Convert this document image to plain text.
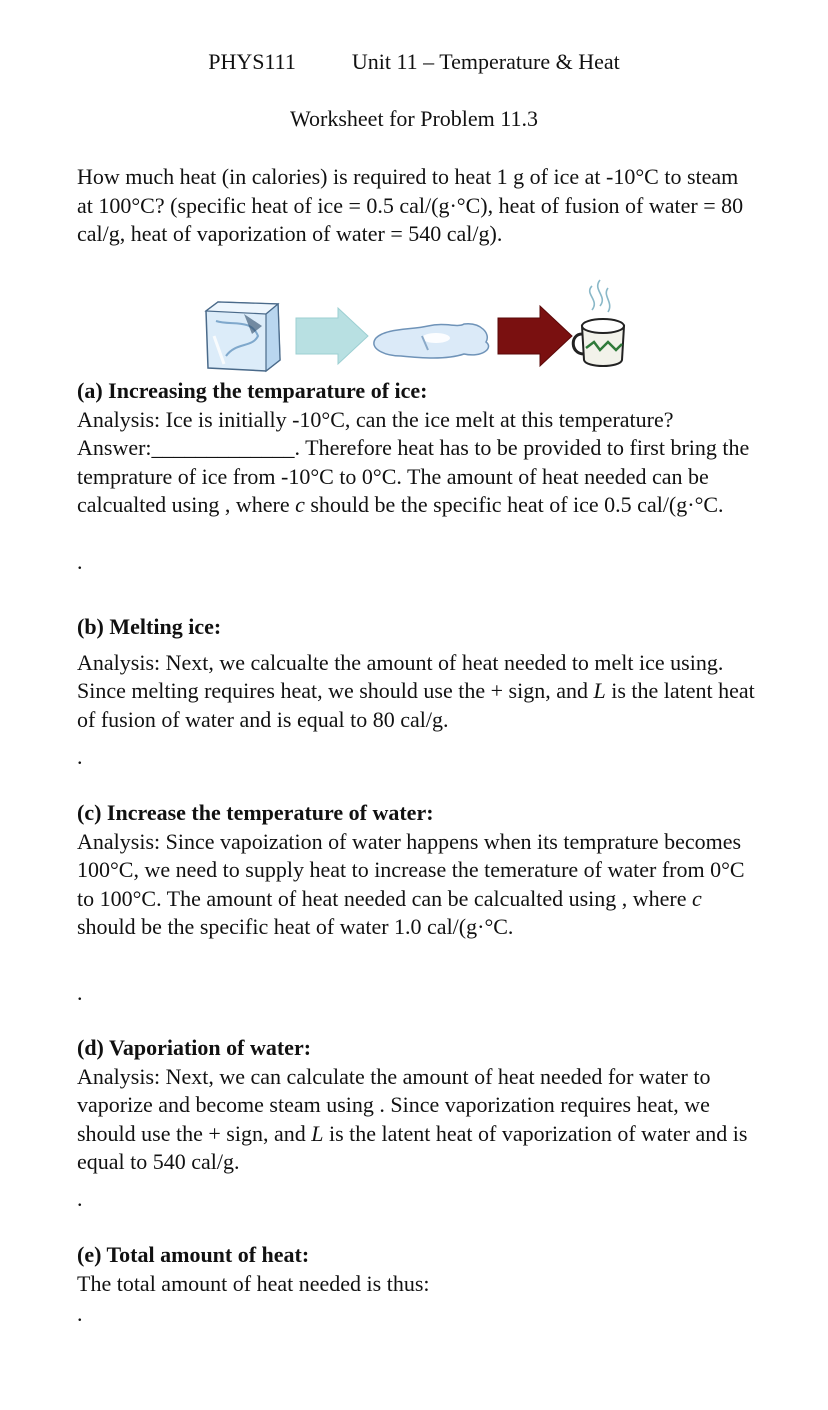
PHYS111	Unit 11 – Temperature & Heat
Worksheet for Problem 11.3
How much heat (in calories) is required to heat 1 g of ice at -10°C to steam at 100°C? (specific heat of ice = 0.5 cal/(g·°C), heat of fusion of water = 80 cal/g, heat of vaporization of water = 540 cal/g).
(a) Increasing the temparature of ice:
Analysis: Ice is initially -10°C, can the ice melt at this temperature?
Answer:_____________. Therefore heat has to be provided to first bring the temprature of ice from -10°C to 0°C. The amount of heat needed can be calcualted using , where c should be the specific heat of ice 0.5 cal/(g·°C.
.
(b) Melting ice:
Analysis: Next, we calcualte the amount of heat needed to melt ice using. Since melting requires heat, we should use the + sign, and L is the latent heat of fusion of water and is equal to 80 cal/g.
.
(c) Increase the temperature of water:
Analysis: Since vapoization of water happens when its temprature becomes 100°C, we need to supply heat to increase the temerature of water from 0°C to 100°C. The amount of heat needed can be calcualted using , where c should be the specific heat of water 1.0 cal/(g·°C.
.
(d) Vaporiation of water:
Analysis: Next, we can calculate the amount of heat needed for water to vaporize and become steam using . Since vaporization requires heat, we should use the + sign, and L is the latent heat of vaporization of water and is equal to 540 cal/g.
.
(e) Total amount of heat:
The total amount of heat needed is thus:
.
